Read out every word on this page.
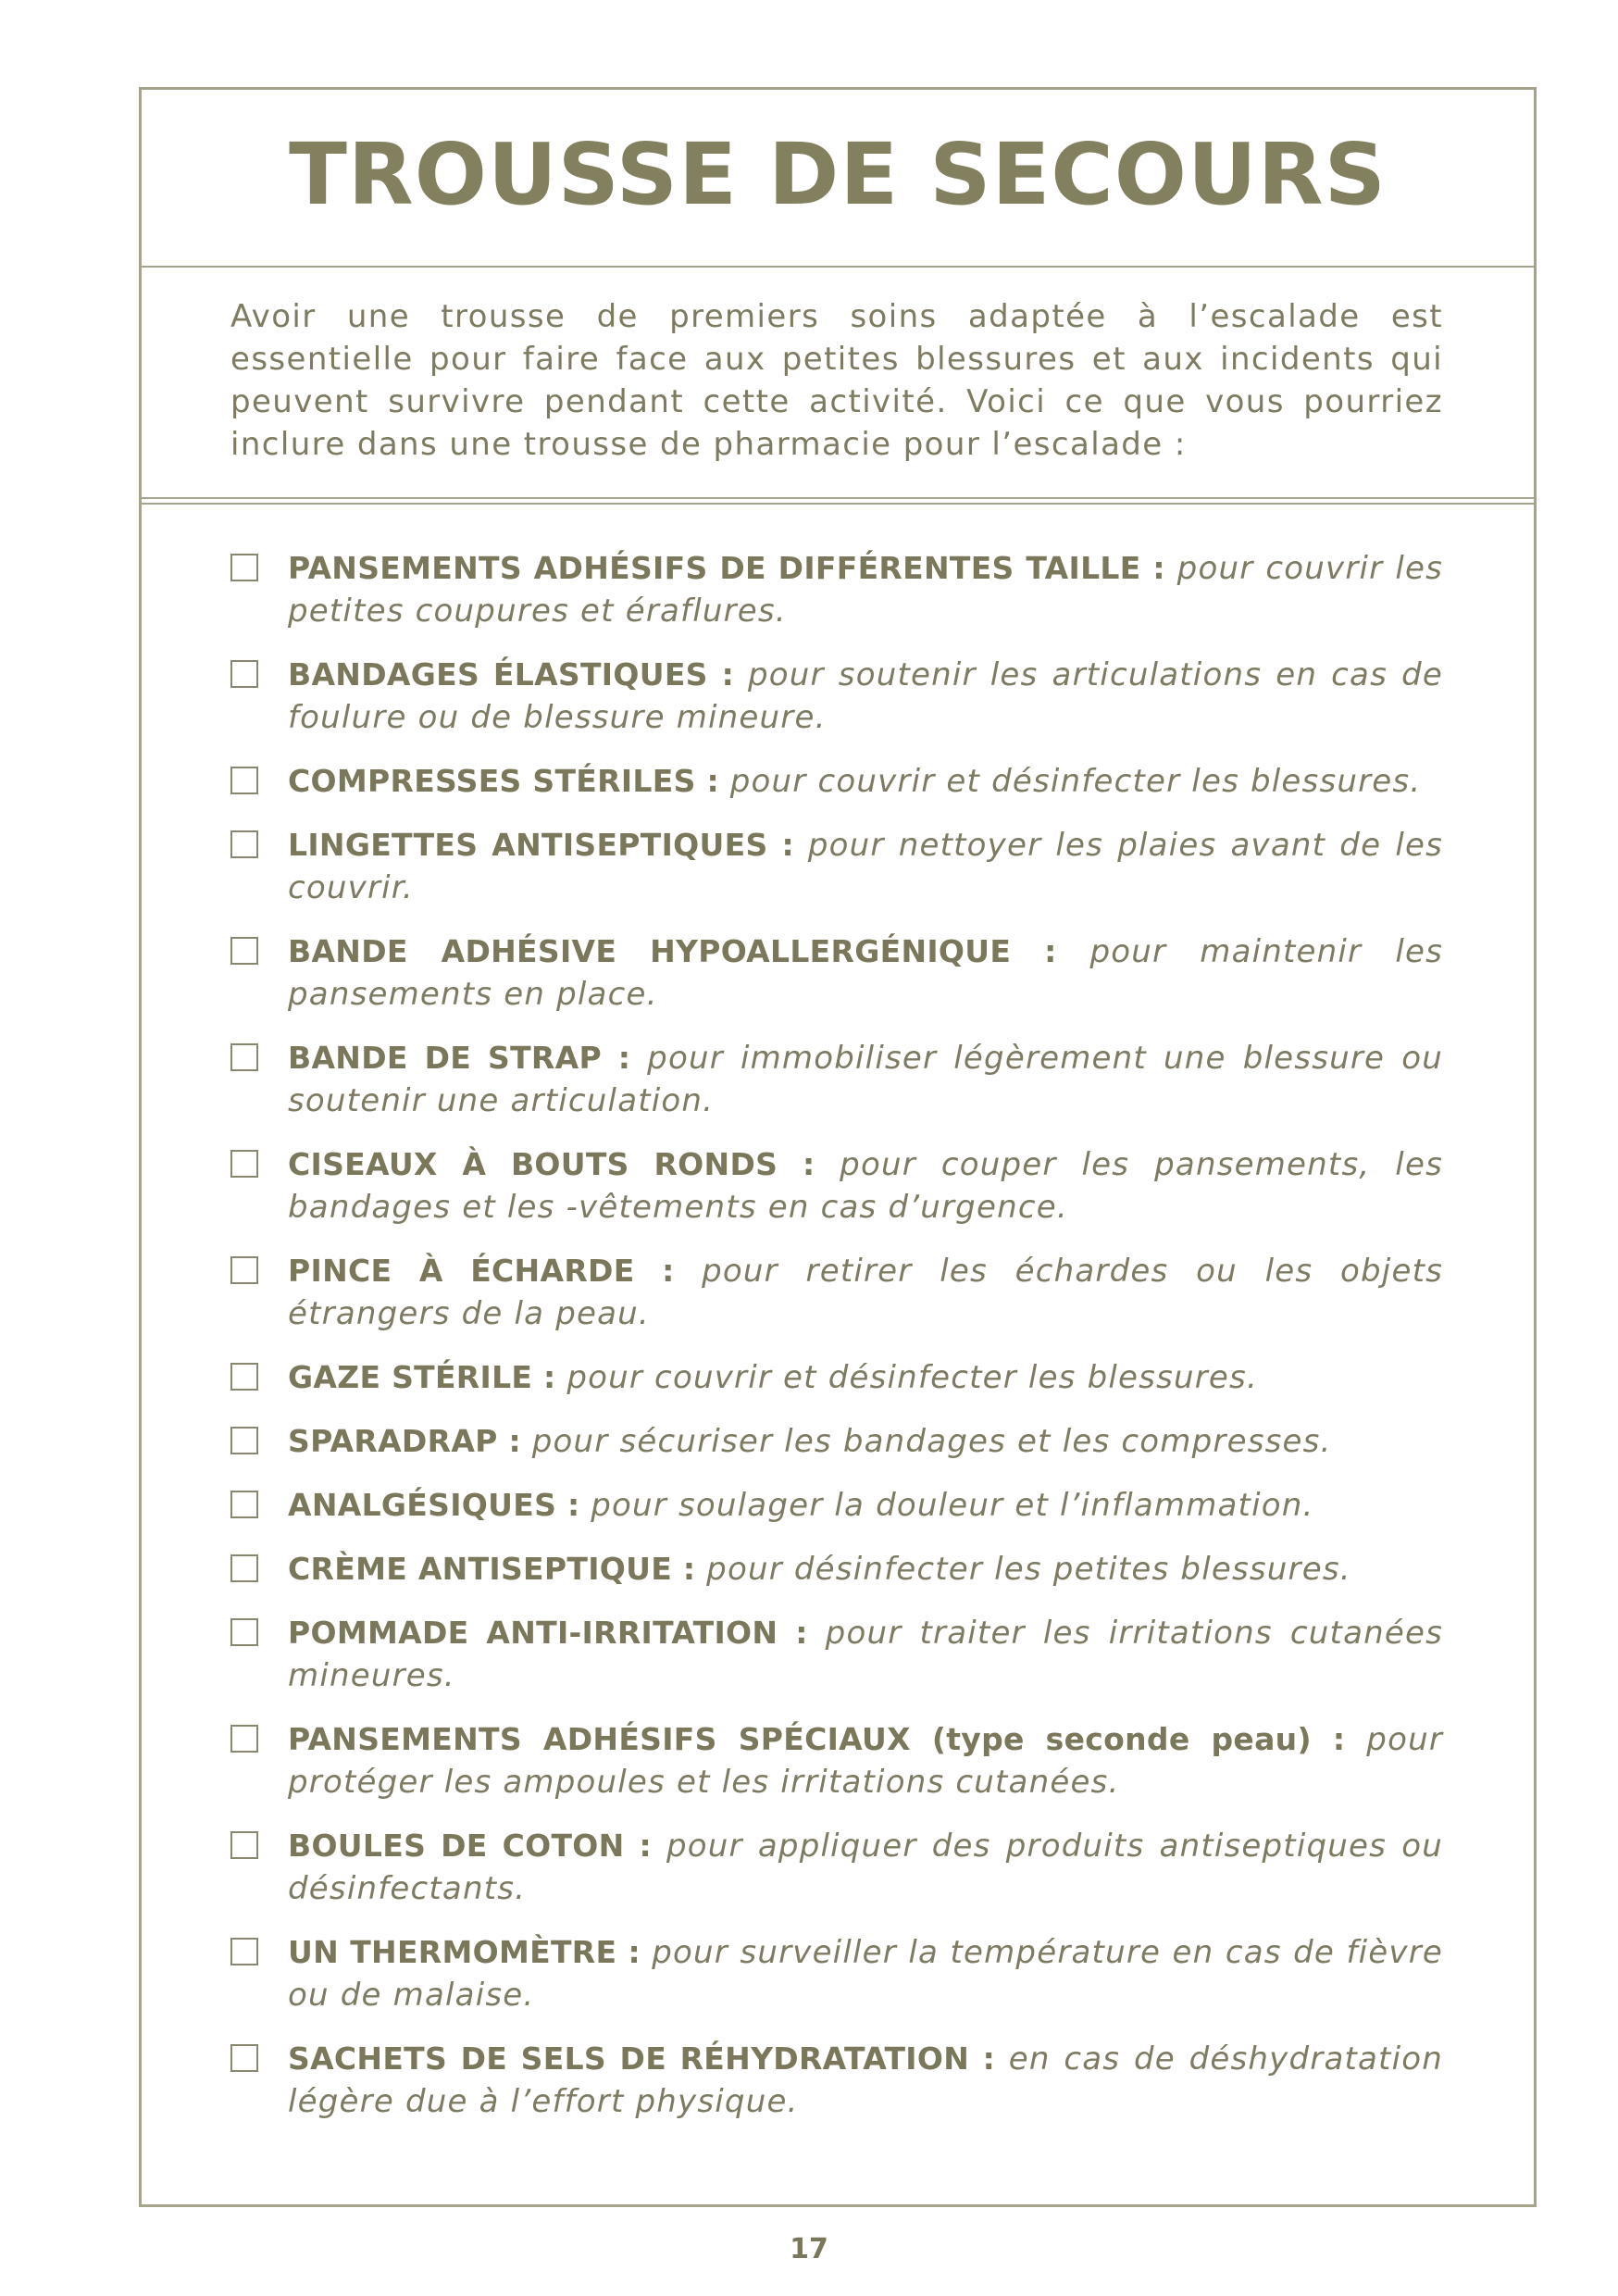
TROUSSE DE SECOURS

Avoir une trousse de premiers soins adaptée à l’escalade est essentielle pour faire face aux petites blessures et aux incidents qui peuvent survivre pendant cette activité. Voici ce que vous pourriez inclure dans une trousse de pharmacie pour l’escalade :

PANSEMENTS ADHÉSIFS DE DIFFÉRENTES TAILLE : pour couvrir les petites coupures et éraflures.
BANDAGES ÉLASTIQUES : pour soutenir les articulations en cas de foulure ou de blessure mineure.
COMPRESSES STÉRILES : pour couvrir et désinfecter les blessures.
LINGETTES ANTISEPTIQUES : pour nettoyer les plaies avant de les couvrir.
BANDE ADHÉSIVE HYPOALLERGÉNIQUE : pour maintenir les pansements en place.
BANDE DE STRAP : pour immobiliser légèrement une blessure ou soutenir une articulation.
CISEAUX À BOUTS RONDS : pour couper les pansements, les bandages et les -vêtements en cas d’urgence.
PINCE À ÉCHARDE : pour retirer les échardes ou les objets étrangers de la peau.
GAZE STÉRILE : pour couvrir et désinfecter les blessures.
SPARADRAP : pour sécuriser les bandages et les compresses.
ANALGÉSIQUES : pour soulager la douleur et l’inflammation.
CRÈME ANTISEPTIQUE : pour désinfecter les petites blessures.
POMMADE ANTI-IRRITATION : pour traiter les irritations cutanées mineures.
PANSEMENTS ADHÉSIFS SPÉCIAUX (type seconde peau) : pour protéger les ampoules et les irritations cutanées.
BOULES DE COTON : pour appliquer des produits antiseptiques ou désinfectants.
UN THERMOMÈTRE : pour surveiller la température en cas de fièvre ou de malaise.
SACHETS DE SELS DE RÉHYDRATATION : en cas de déshydratation légère due à l’effort physique.
17
